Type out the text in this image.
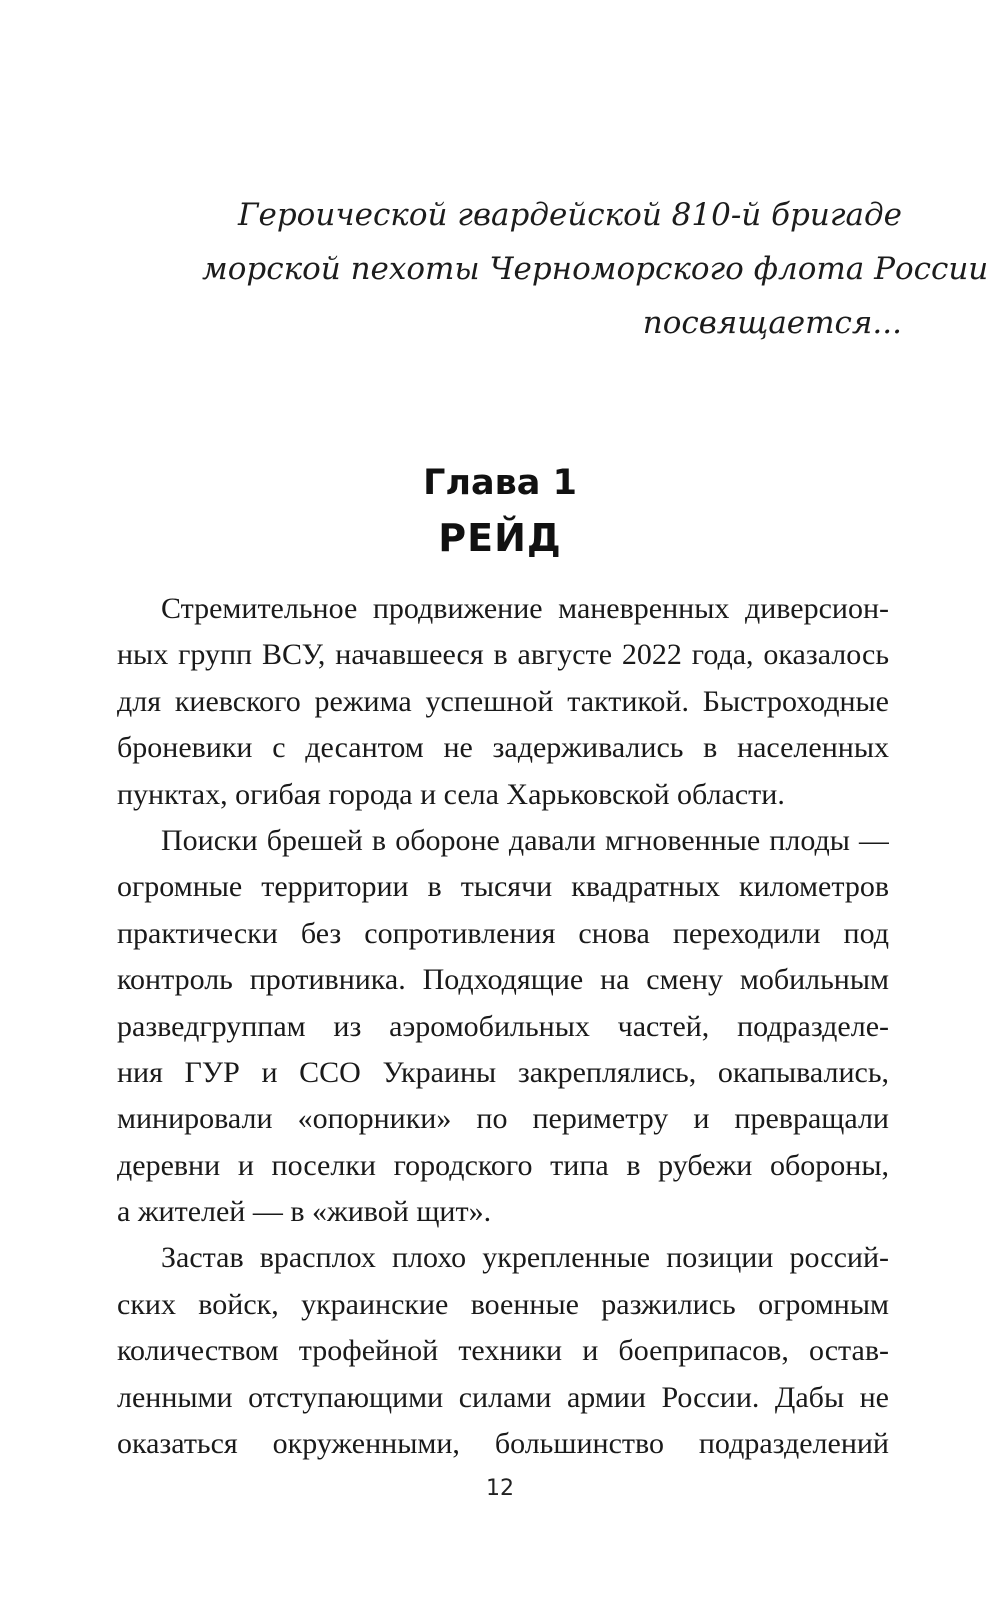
Героической гвардейской 810-й бригаде
морской пехоты Черноморского флота России
посвящается...
Глава 1
РЕЙД

Стремительное продвижение маневренных диверсион-
ных групп ВСУ, начавшееся в августе 2022 года, оказалось
для киевского режима успешной тактикой. Быстроходные
броневики с десантом не задерживались в населенных
пунктах, огибая города и села Харьковской области.

Поиски брешей в обороне давали мгновенные плоды —
огромные территории в тысячи квадратных километров
практически без сопротивления снова переходили под
контроль противника. Подходящие на смену мобильным
разведгруппам из аэромобильных частей, подразделе-
ния ГУР и ССО Украины закреплялись, окапывались,
минировали «опорники» по периметру и превращали
деревни и поселки городского типа в рубежи обороны,
а жителей — в «живой щит».

Застав врасплох плохо укрепленные позиции россий-
ских войск, украинские военные разжились огромным
количеством трофейной техники и боеприпасов, остав-
ленными отступающими силами армии России. Дабы не
оказаться окруженными, большинство подразделений

12
